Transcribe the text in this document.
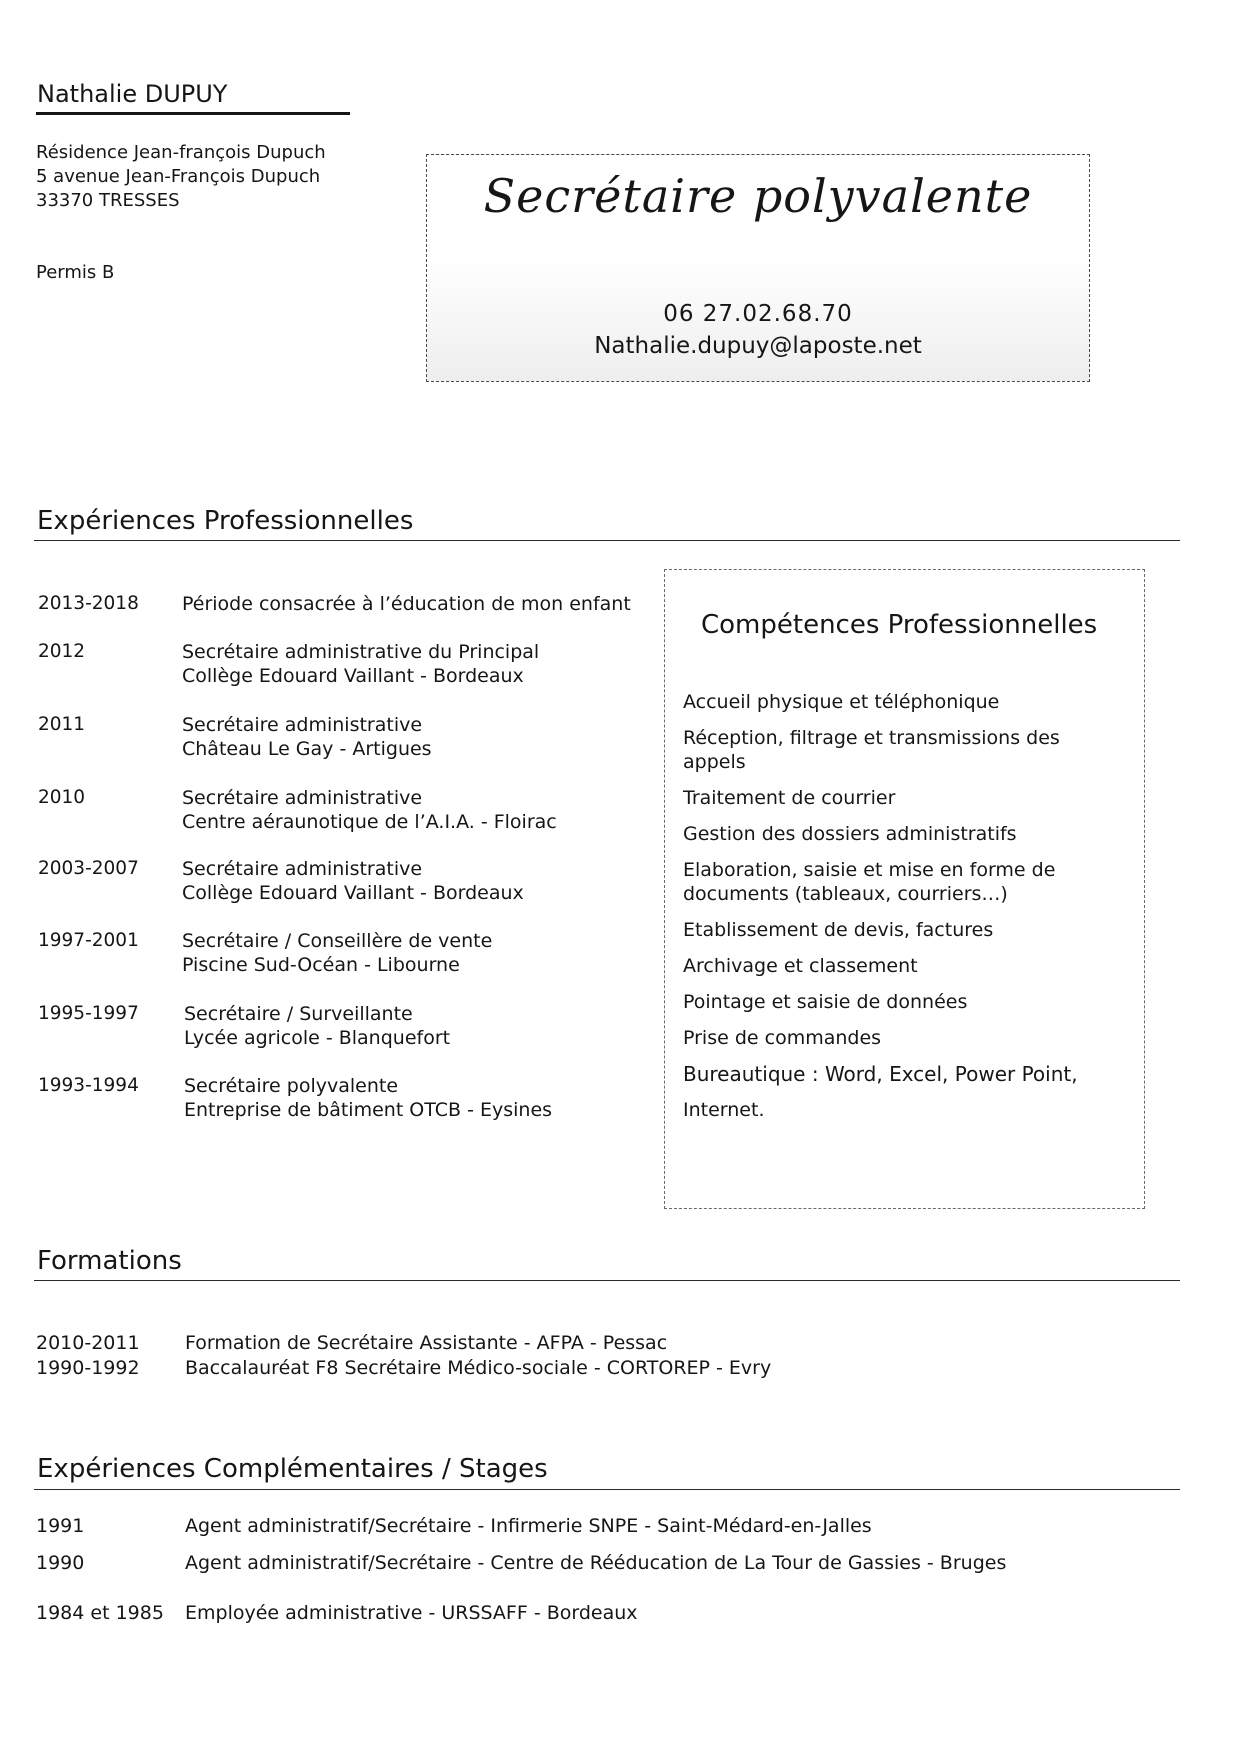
Nathalie DUPUY
Résidence Jean-françois Dupuch
5 avenue Jean-François Dupuch
33370 TRESSES
Permis B
Secrétaire polyvalente
06 27.02.68.70
Nathalie.dupuy@laposte.net
Expériences Professionnelles
2013-2018 Période consacrée à l’éducation de mon enfant
2012	Secrétaire administrative du Principal
Collège Edouard Vaillant - Bordeaux
2011	Secrétaire administrative
Château Le Gay - Artigues
2010	Secrétaire administrative
Centre aéraunotique de l’A.I.A. - Floirac
2003-2007 Secrétaire administrative
Collège Edouard Vaillant - Bordeaux
1997-2001 Secrétaire / Conseillère de vente
Piscine Sud-Océan - Libourne
1995-1997 Secrétaire / Surveillante
Lycée agricole - Blanquefort
1993-1994 Secrétaire polyvalente
Entreprise de bâtiment OTCB - Eysines
Compétences Professionnelles
Accueil physique et téléphonique
Réception, filtrage et transmissions des appels
Traitement de courrier
Gestion des dossiers administratifs
Elaboration, saisie et mise en forme de documents (tableaux, courriers…)
Etablissement de devis, factures
Archivage et classement
Pointage et saisie de données
Prise de commandes
Bureautique : Word, Excel, Power Point,
Internet.
Formations
2010-2011 Formation de Secrétaire Assistante - AFPA - Pessac
1990-1992 Baccalauréat F8 Secrétaire Médico-sociale - CORTOREP - Evry
Expériences Complémentaires / Stages
1991	Agent administratif/Secrétaire - Infirmerie SNPE - Saint-Médard-en-Jalles
1990	Agent administratif/Secrétaire - Centre de Rééducation de La Tour de Gassies - Bruges
1984 et 1985 Employée administrative - URSSAFF - Bordeaux
